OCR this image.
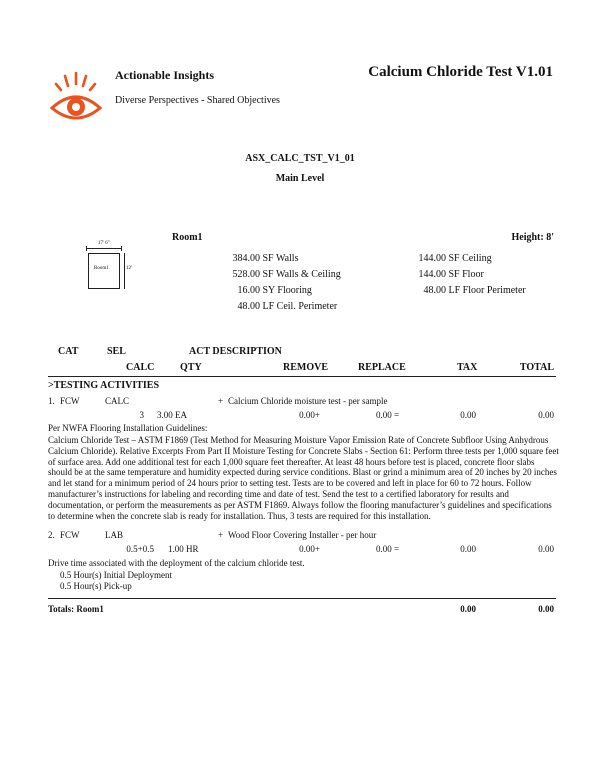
Actionable Insights
Diverse Perspectives - Shared Objectives
Calcium Chloride Test V1.01
ASX_CALC_TST_V1_01
Main Level
Room1	Height: 8'
17' 6"
12'
Room1
384.00 SF Walls
528.00 SF Walls & Ceiling
16.00 SY Flooring
48.00 LF Ceil. Perimeter
144.00 SF Ceiling
144.00 SF Floor
48.00 LF Floor Perimeter
CAT	SEL	ACT DESCRIPTION
CALC	QTY	REMOVE	REPLACE	TAX	TOTAL
>TESTING ACTIVITIES
1. FCW	CALC	+ Calcium Chloride moisture test - per sample
3 3.00 EA	0.00+	0.00 =	0.00	0.00
Per NWFA Flooring Installation Guidelines:
Calcium Chloride Test – ASTM F1869 (Test Method for Measuring Moisture Vapor Emission Rate of Concrete Subfloor Using Anhydrous Calcium Chloride). Relative Excerpts From Part II Moisture Testing for Concrete Slabs - Section 61: Perform three tests per 1,000 square feet of surface area. Add one additional test for each 1,000 square feet thereafter. At least 48 hours before test is placed, concrete floor slabs should be at the same temperature and humidity expected during service conditions. Blast or grind a minimum area of 20 inches by 20 inches and let stand for a minimum period of 24 hours prior to setting test. Tests are to be covered and left in place for 60 to 72 hours. Follow manufacturer’s instructions for labeling and recording time and date of test. Send the test to a certified laboratory for results and documentation, or perform the measurements as per ASTM F1869. Always follow the flooring manufacturer’s guidelines and specifications to determine when the concrete slab is ready for installation. Thus, 3 tests are required for this installation.
2. FCW	LAB	+ Wood Floor Covering Installer - per hour
0.5+0.5 1.00 HR	0.00+	0.00 =	0.00	0.00
Drive time associated with the deployment of the calcium chloride test.
0.5 Hour(s) Initial Deployment
0.5 Hour(s) Pick-up
Totals: Room1	0.00	0.00
